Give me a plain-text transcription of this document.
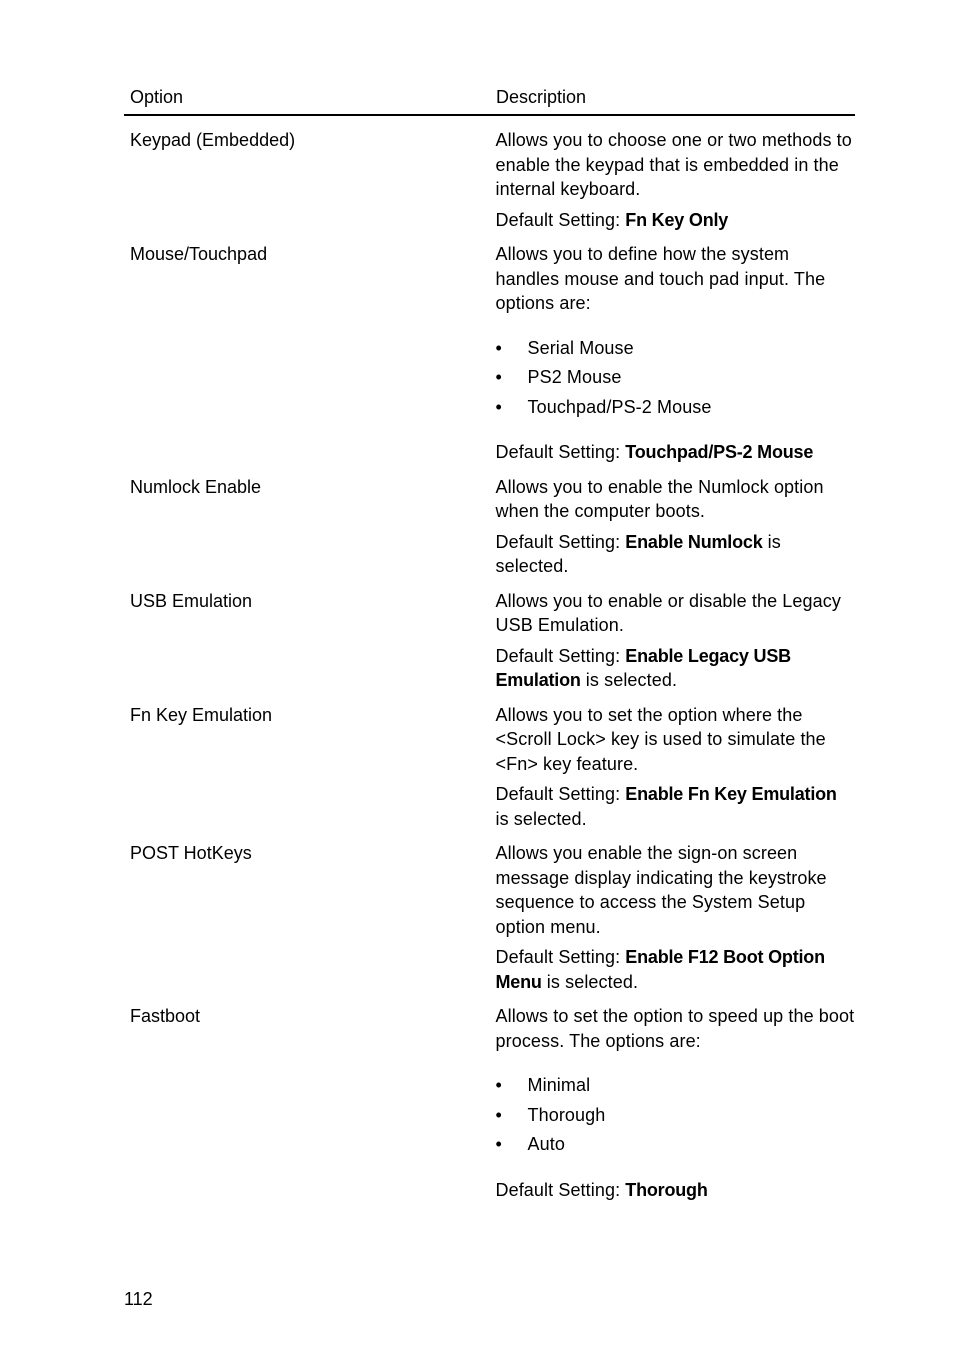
Option	Description
Keypad (Embedded)	Allows you to choose one or two methods to enable the keypad that is embedded in the internal keyboard.

Default Setting: Fn Key Only

Mouse/Touchpad	Allows you to define how the system handles mouse and touch pad input. The options are:

• Serial Mouse
• PS2 Mouse
• Touchpad/PS-2 Mouse

Default Setting: Touchpad/PS-2 Mouse

Numlock Enable	Allows you to enable the Numlock option when the computer boots.

Default Setting: Enable Numlock is selected.

USB Emulation	Allows you to enable or disable the Legacy USB Emulation.

Default Setting: Enable Legacy USB Emulation is selected.

Fn Key Emulation	Allows you to set the option where the <Scroll Lock> key is used to simulate the <Fn> key feature.

Default Setting: Enable Fn Key Emulation is selected.

POST HotKeys	Allows you enable the sign-on screen message display indicating the keystroke sequence to access the System Setup option menu.

Default Setting: Enable F12 Boot Option Menu is selected.

Fastboot	Allows to set the option to speed up the boot process. The options are:

• Minimal
• Thorough
• Auto

Default Setting: Thorough

112
